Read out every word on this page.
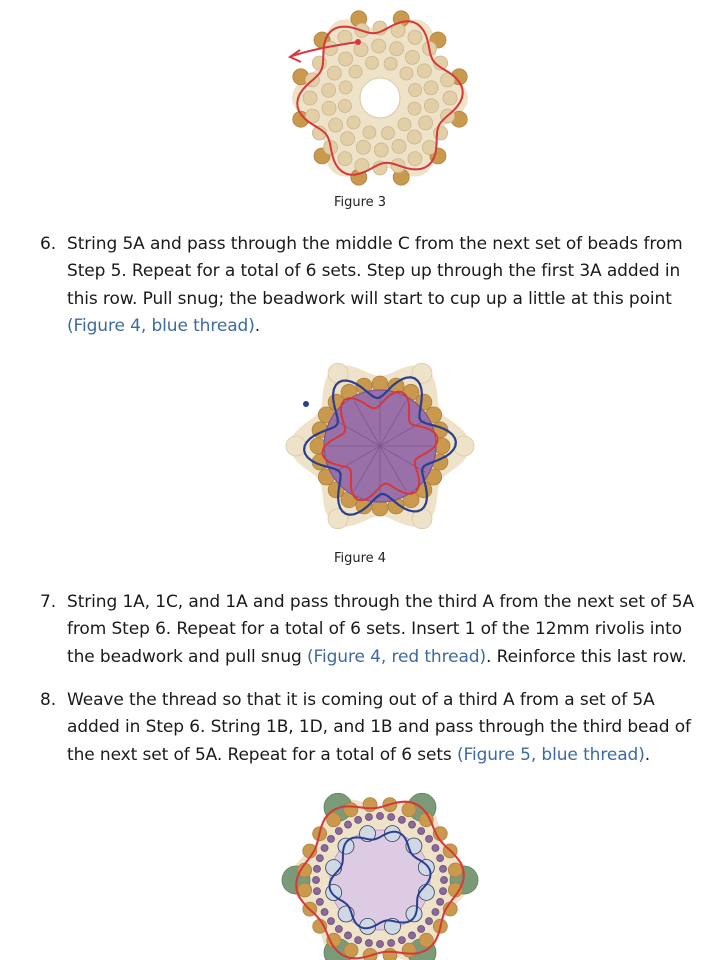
Figure 3
6. String 5A and pass through the middle C from the next set of beads from Step 5. Repeat for a total of 6 sets. Step up through the first 3A added in this row. Pull snug; the beadwork will start to cup up a little at this point (Figure 4, blue thread).
Figure 4
7. String 1A, 1C, and 1A and pass through the third A from the next set of 5A from Step 6. Repeat for a total of 6 sets. Insert 1 of the 12mm rivolis into the beadwork and pull snug (Figure 4, red thread). Reinforce this last row.
8. Weave the thread so that it is coming out of a third A from a set of 5A added in Step 6. String 1B, 1D, and 1B and pass through the third bead of the next set of 5A. Repeat for a total of 6 sets (Figure 5, blue thread).
